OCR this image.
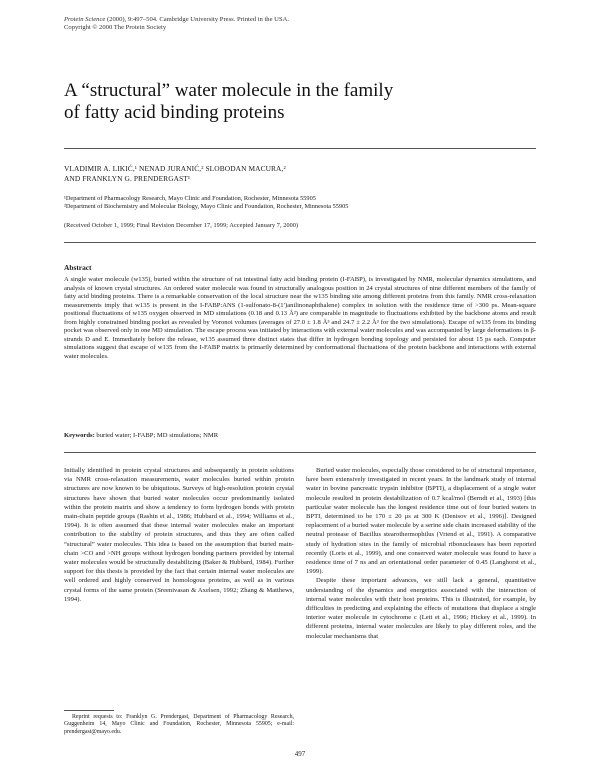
Protein Science (2000), 9:497–504. Cambridge University Press. Printed in the USA.
Copyright © 2000 The Protein Society
A “structural” water molecule in the family
of fatty acid binding proteins
VLADIMIR A. LIKIĆ,¹ NENAD JURANIĆ,² SLOBODAN MACURA,²
AND FRANKLYN G. PRENDERGAST¹
¹Department of Pharmacology Research, Mayo Clinic and Foundation, Rochester, Minnesota 55905
²Department of Biochemistry and Molecular Biology, Mayo Clinic and Foundation, Rochester, Minnesota 55905
(Received October 1, 1999; Final Revision December 17, 1999; Accepted January 7, 2000)
Abstract
A single water molecule (w135), buried within the structure of rat intestinal fatty acid binding protein (I-FABP), is investigated by NMR, molecular dynamics simulations, and analysis of known crystal structures. An ordered water molecule was found in structurally analogous position in 24 crystal structures of nine different members of the family of fatty acid binding proteins. There is a remarkable conservation of the local structure near the w135 binding site among different proteins from this family. NMR cross-relaxation measurements imply that w135 is present in the I-FABP:ANS (1-sulfonato-8-(1′)anilinonaphthalene) complex in solution with the residence time of >300 ps. Mean-square positional fluctuations of w135 oxygen observed in MD simulations (0.18 and 0.13 Å²) are comparable in magnitude to fluctuations exhibited by the backbone atoms and result from highly constrained binding pocket as revealed by Voronoi volumes (averages of 27.0 ± 1.8 Å³ and 24.7 ± 2.2 Å³ for the two simulations). Escape of w135 from its binding pocket was observed only in one MD simulation. The escape process was initiated by interactions with external water molecules and was accompanied by large deformations in β-strands D and E. Immediately before the release, w135 assumed three distinct states that differ in hydrogen bonding topology and persisted for about 15 ps each. Computer simulations suggest that escape of w135 from the I-FABP matrix is primarily determined by conformational fluctuations of the protein backbone and interactions with external water molecules.
Keywords: buried water; I-FABP; MD simulations; NMR

Initially identified in protein crystal structures and subsequently in protein solutions via NMR cross-relaxation measurements, water molecules buried within protein structures are now known to be ubiquitous. Surveys of high-resolution protein crystal structures have shown that buried water molecules occur predominantly isolated within the protein matrix and show a tendency to form hydrogen bonds with protein main-chain peptide groups (Rashin et al., 1986; Hubbard et al., 1994; Williams et al., 1994). It is often assumed that these internal water molecules make an important contribution to the stability of protein structures, and thus they are often called “structural” water molecules. This idea is based on the assumption that buried main-chain >CO and >NH groups without hydrogen bonding partners provided by internal water molecules would be structurally destabilizing (Baker & Hubbard, 1984). Further support for this thesis is provided by the fact that certain internal water molecules are well ordered and highly conserved in homologous proteins, as well as in various crystal forms of the same protein (Sreenivasan & Axelsen, 1992; Zhang & Matthews, 1994).

Buried water molecules, especially those considered to be of structural importance, have been extensively investigated in recent years. In the landmark study of internal water in bovine pancreatic trypsin inhibitor (BPTI), a displacement of a single water molecule resulted in protein destabilization of 0.7 kcal/mol (Berndt et al., 1993) [this particular water molecule has the longest residence time out of four buried waters in BPTI, determined to be 170 ± 20 μs at 300 K (Denisov et al., 1996)]. Designed replacement of a buried water molecule by a serine side chain increased stability of the neutral protease of Bacillus stearothermophilus (Vriend et al., 1991). A comparative study of hydration sites in the family of microbial ribonucleases has been reported recently (Loris et al., 1999), and one conserved water molecule was found to have a residence time of 7 ns and an orientational order parameter of 0.45 (Langhorst et al., 1999).

Despite these important advances, we still lack a general, quantitative understanding of the dynamics and energetics associated with the interaction of internal water molecules with their host proteins. This is illustrated, for example, by difficulties in predicting and explaining the effects of mutations that displace a single interior water molecule in cytochrome c (Lett et al., 1996; Hickey et al., 1999). In different proteins, internal water molecules are likely to play different roles, and the molecular mechanisms that

Reprint requests to: Franklyn G. Prendergast, Department of Pharmacology Research, Guggenheim 14, Mayo Clinic and Foundation, Rochester, Minnesota 55905; e-mail: prendergast@mayo.edu.
497
